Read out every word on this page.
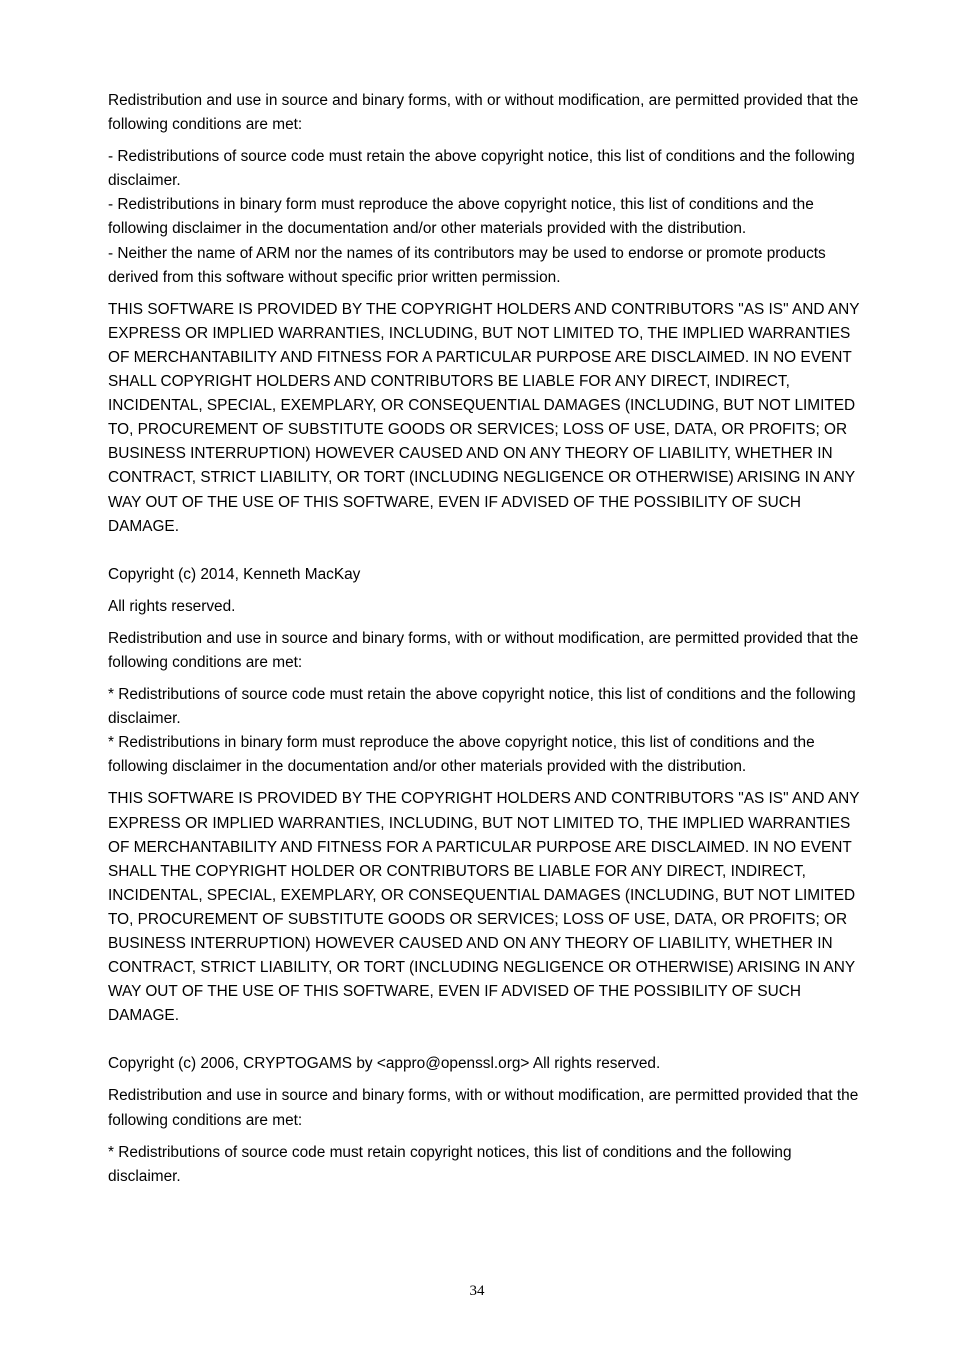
Redistribution and use in source and binary forms, with or without modification, are permitted provided that the following conditions are met:

- Redistributions of source code must retain the above copyright notice, this list of conditions and the following disclaimer.
- Redistributions in binary form must reproduce the above copyright notice, this list of conditions and the following disclaimer in the documentation and/or other materials provided with the distribution.
- Neither the name of ARM nor the names of its contributors may be used to endorse or promote products derived from this software without specific prior written permission.

THIS SOFTWARE IS PROVIDED BY THE COPYRIGHT HOLDERS AND CONTRIBUTORS "AS IS" AND ANY EXPRESS OR IMPLIED WARRANTIES, INCLUDING, BUT NOT LIMITED TO, THE IMPLIED WARRANTIES OF MERCHANTABILITY AND FITNESS FOR A PARTICULAR PURPOSE ARE DISCLAIMED. IN NO EVENT SHALL COPYRIGHT HOLDERS AND CONTRIBUTORS BE LIABLE FOR ANY DIRECT, INDIRECT, INCIDENTAL, SPECIAL, EXEMPLARY, OR CONSEQUENTIAL DAMAGES (INCLUDING, BUT NOT LIMITED TO, PROCUREMENT OF SUBSTITUTE GOODS OR SERVICES; LOSS OF USE, DATA, OR PROFITS; OR BUSINESS INTERRUPTION) HOWEVER CAUSED AND ON ANY THEORY OF LIABILITY, WHETHER IN CONTRACT, STRICT LIABILITY, OR TORT (INCLUDING NEGLIGENCE OR OTHERWISE) ARISING IN ANY WAY OUT OF THE USE OF THIS SOFTWARE, EVEN IF ADVISED OF THE POSSIBILITY OF SUCH DAMAGE.

Copyright (c) 2014, Kenneth MacKay

All rights reserved.

Redistribution and use in source and binary forms, with or without modification, are permitted provided that the following conditions are met:

* Redistributions of source code must retain the above copyright notice, this list of conditions and the following disclaimer.
* Redistributions in binary form must reproduce the above copyright notice, this list of conditions and the following disclaimer in the documentation and/or other materials provided with the distribution.

THIS SOFTWARE IS PROVIDED BY THE COPYRIGHT HOLDERS AND CONTRIBUTORS "AS IS" AND ANY EXPRESS OR IMPLIED WARRANTIES, INCLUDING, BUT NOT LIMITED TO, THE IMPLIED WARRANTIES OF MERCHANTABILITY AND FITNESS FOR A PARTICULAR PURPOSE ARE DISCLAIMED. IN NO EVENT SHALL THE COPYRIGHT HOLDER OR CONTRIBUTORS BE LIABLE FOR ANY DIRECT, INDIRECT, INCIDENTAL, SPECIAL, EXEMPLARY, OR CONSEQUENTIAL DAMAGES (INCLUDING, BUT NOT LIMITED TO, PROCUREMENT OF SUBSTITUTE GOODS OR SERVICES; LOSS OF USE, DATA, OR PROFITS; OR BUSINESS INTERRUPTION) HOWEVER CAUSED AND ON ANY THEORY OF LIABILITY, WHETHER IN CONTRACT, STRICT LIABILITY, OR TORT (INCLUDING NEGLIGENCE OR OTHERWISE) ARISING IN ANY WAY OUT OF THE USE OF THIS SOFTWARE, EVEN IF ADVISED OF THE POSSIBILITY OF SUCH DAMAGE.

Copyright (c) 2006, CRYPTOGAMS by <appro@openssl.org> All rights reserved.

Redistribution and use in source and binary forms, with or without modification, are permitted provided that the following conditions are met:

* Redistributions of source code must retain copyright notices, this list of conditions and the following disclaimer.

34
